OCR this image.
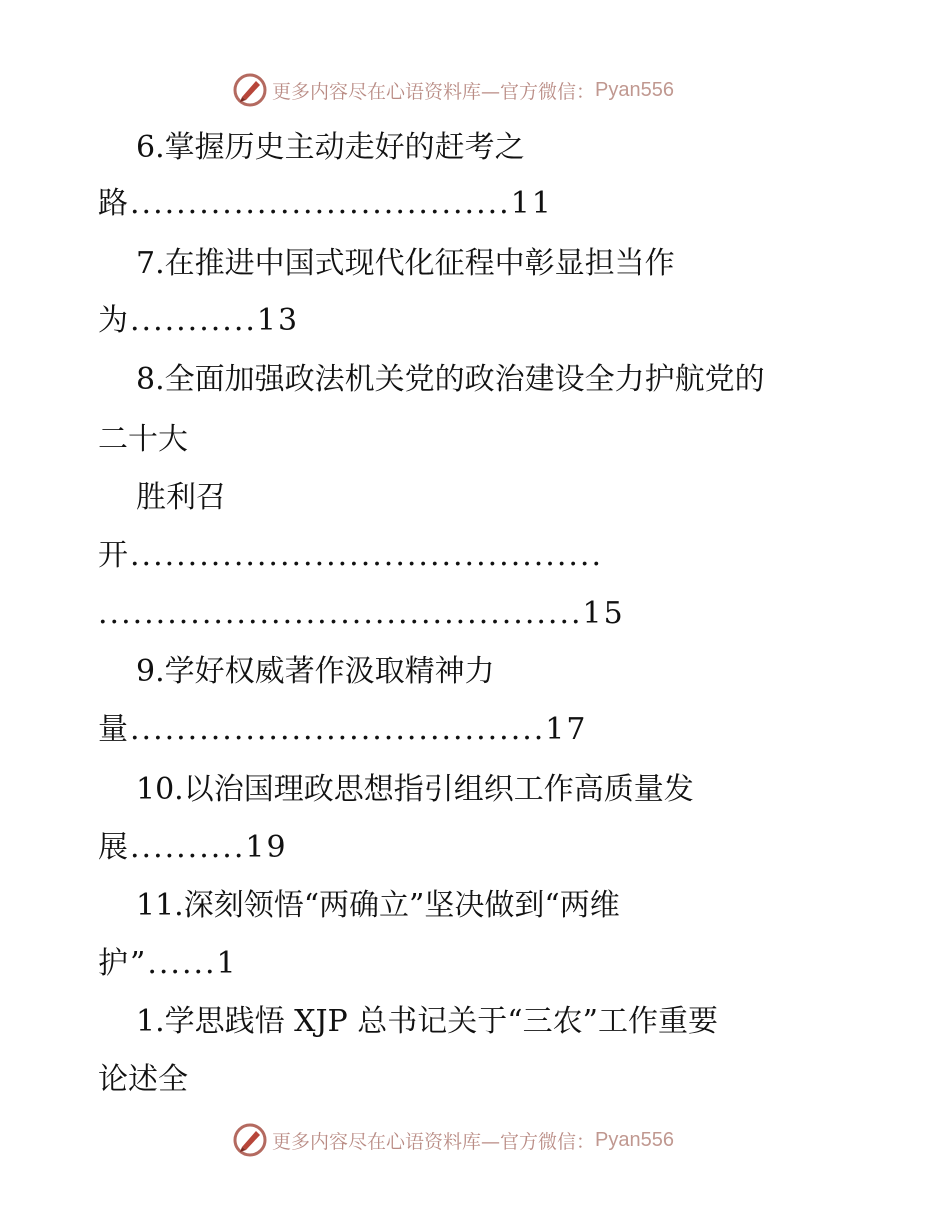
更多内容尽在心语资料库—官方微信： Pyan556
6.掌握历史主动走好的赶考之
路.................................11
7.在推进中国式现代化征程中彰显担当作
为...........13
8.全面加强政法机关党的政治建设全力护航党的
二十大
胜利召
开.........................................
..........................................15
9.学好权威著作汲取精神力
量....................................17
10.以治国理政思想指引组织工作高质量发
展..........19
11.深刻领悟“两确立”坚决做到“两维
护”......1
1.学思践悟 XJP 总书记关于“三农”工作重要
论述全
更多内容尽在心语资料库—官方微信： Pyan556
